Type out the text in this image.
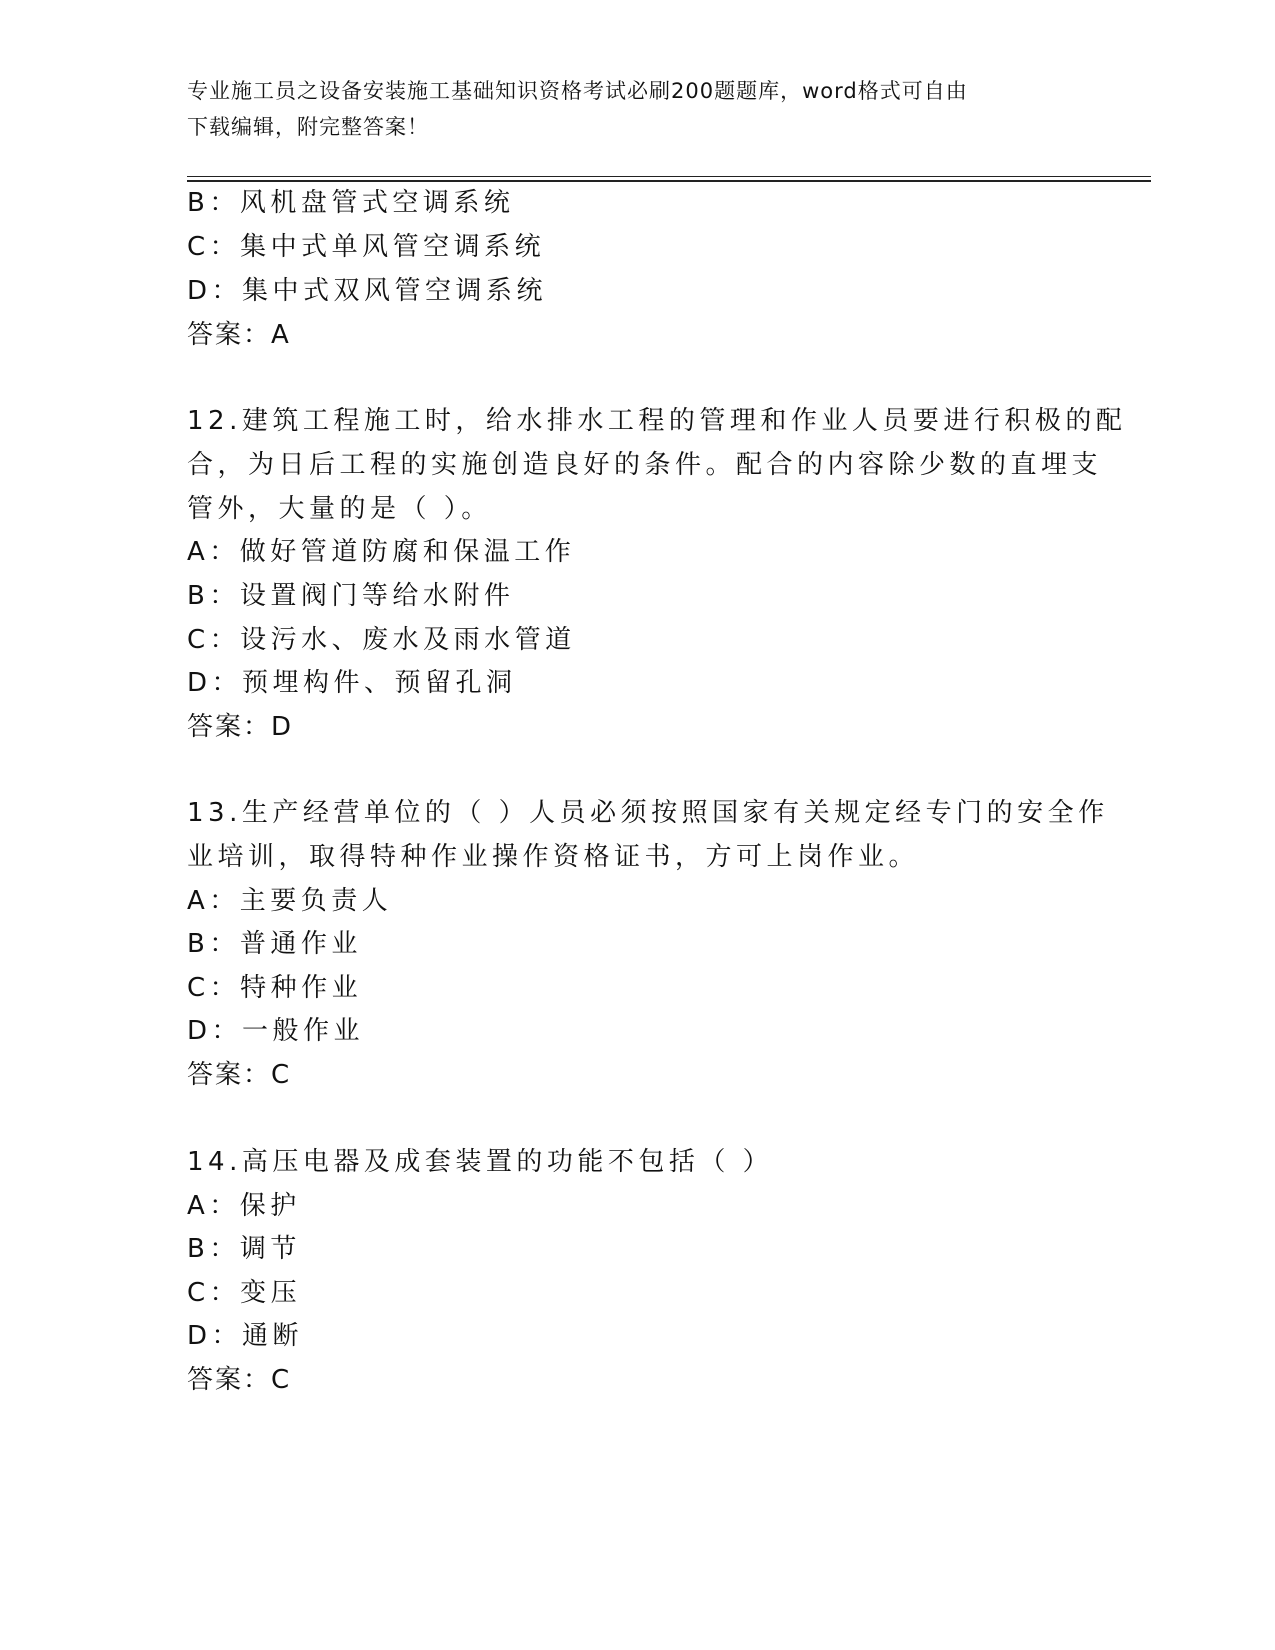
专业施工员之设备安装施工基础知识资格考试必刷200题题库，word格式可自由
下载编辑，附完整答案！
B：风机盘管式空调系统
C：集中式单风管空调系统
D：集中式双风管空调系统
答案：A
12.建筑工程施工时，给水排水工程的管理和作业人员要进行积极的配
合，为日后工程的实施创造良好的条件。配合的内容除少数的直埋支
管外，大量的是（ ）。
A：做好管道防腐和保温工作
B：设置阀门等给水附件
C：设污水、废水及雨水管道
D：预埋构件、预留孔洞
答案：D
13.生产经营单位的（ ）人员必须按照国家有关规定经专门的安全作
业培训，取得特种作业操作资格证书，方可上岗作业。
A：主要负责人
B：普通作业
C：特种作业
D：一般作业
答案：C
14.高压电器及成套装置的功能不包括（ ）
A：保护
B：调节
C：变压
D：通断
答案：C
